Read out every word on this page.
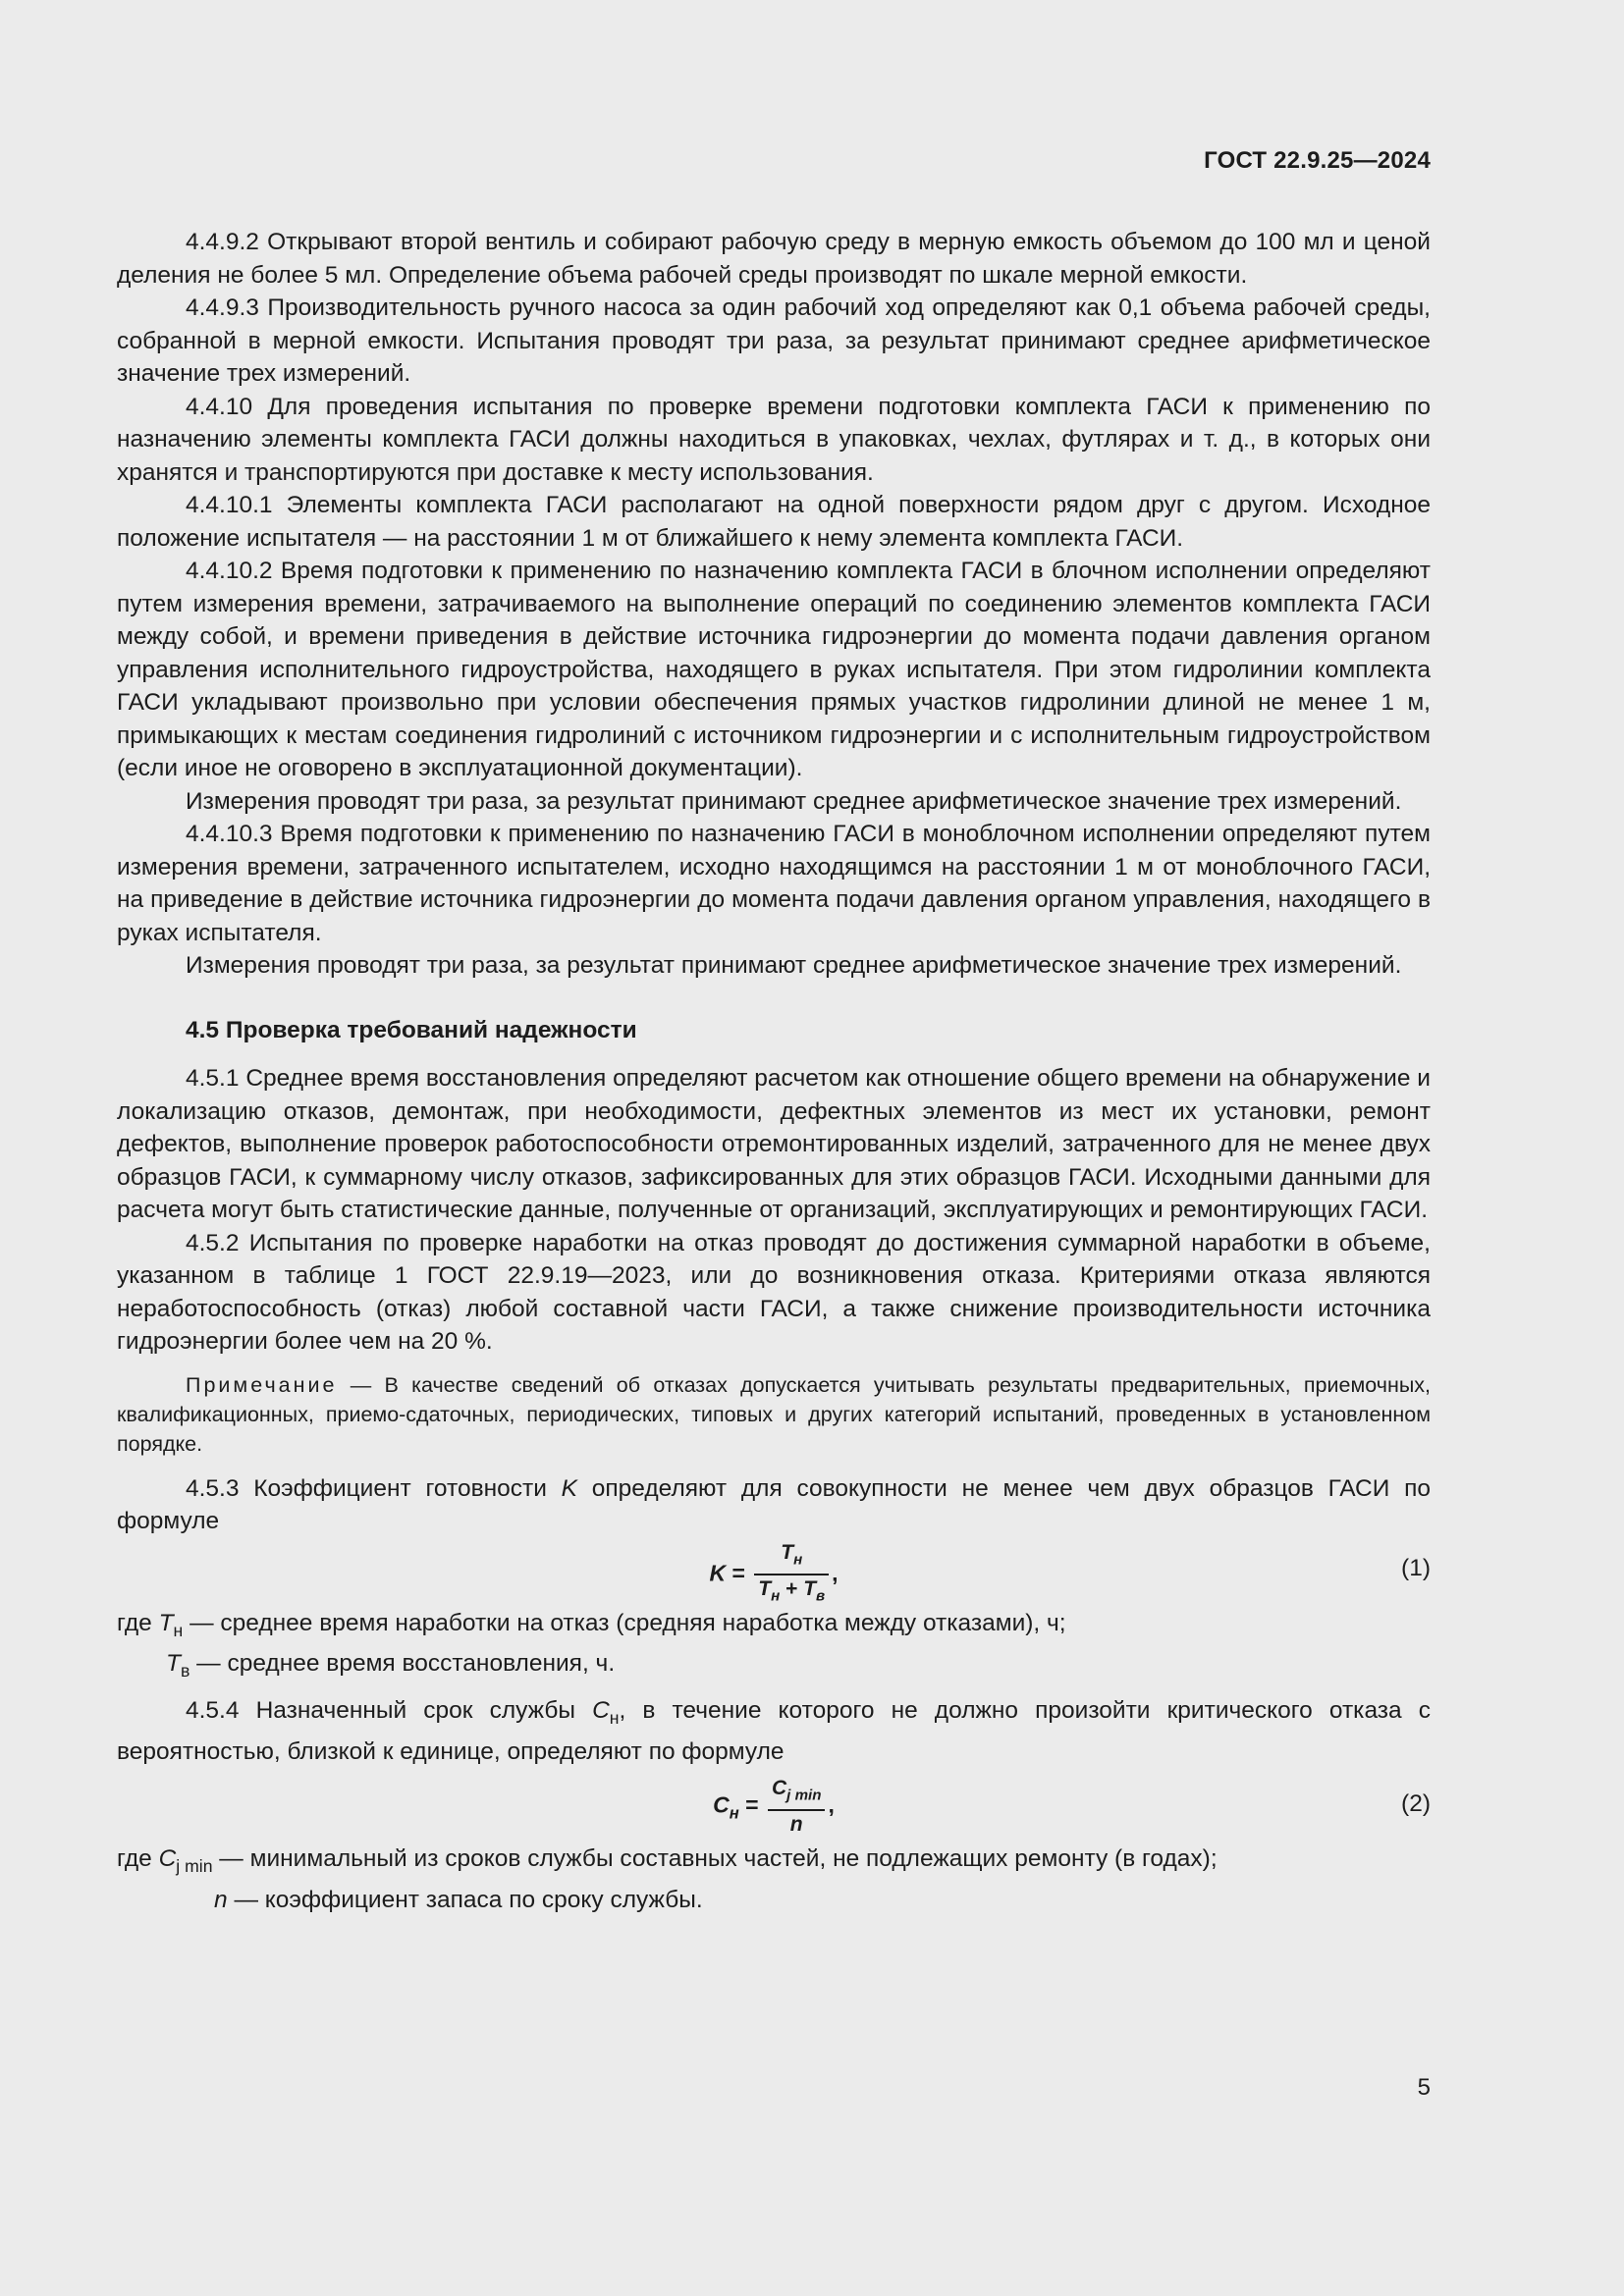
ГОСТ 22.9.25—2024

4.4.9.2 Открывают второй вентиль и собирают рабочую среду в мерную емкость объемом до 100 мл и ценой деления не более 5 мл. Определение объема рабочей среды производят по шкале мерной емкости.

4.4.9.3 Производительность ручного насоса за один рабочий ход определяют как 0,1 объема рабочей среды, собранной в мерной емкости. Испытания проводят три раза, за результат принимают среднее арифметическое значение трех измерений.

4.4.10 Для проведения испытания по проверке времени подготовки комплекта ГАСИ к применению по назначению элементы комплекта ГАСИ должны находиться в упаковках, чехлах, футлярах и т. д., в которых они хранятся и транспортируются при доставке к месту использования.

4.4.10.1 Элементы комплекта ГАСИ располагают на одной поверхности рядом друг с другом. Исходное положение испытателя — на расстоянии 1 м от ближайшего к нему элемента комплекта ГАСИ.

4.4.10.2 Время подготовки к применению по назначению комплекта ГАСИ в блочном исполнении определяют путем измерения времени, затрачиваемого на выполнение операций по соединению элементов комплекта ГАСИ между собой, и времени приведения в действие источника гидроэнергии до момента подачи давления органом управления исполнительного гидроустройства, находящего в руках испытателя. При этом гидролинии комплекта ГАСИ укладывают произвольно при условии обеспечения прямых участков гидролинии длиной не менее 1 м, примыкающих к местам соединения гидролиний с источником гидроэнергии и с исполнительным гидроустройством (если иное не оговорено в эксплуатационной документации).

Измерения проводят три раза, за результат принимают среднее арифметическое значение трех измерений.

4.4.10.3 Время подготовки к применению по назначению ГАСИ в моноблочном исполнении определяют путем измерения времени, затраченного испытателем, исходно находящимся на расстоянии 1 м от моноблочного ГАСИ, на приведение в действие источника гидроэнергии до момента подачи давления органом управления, находящего в руках испытателя.

Измерения проводят три раза, за результат принимают среднее арифметическое значение трех измерений.

4.5 Проверка требований надежности

4.5.1 Среднее время восстановления определяют расчетом как отношение общего времени на обнаружение и локализацию отказов, демонтаж, при необходимости, дефектных элементов из мест их установки, ремонт дефектов, выполнение проверок работоспособности отремонтированных изделий, затраченного для не менее двух образцов ГАСИ, к суммарному числу отказов, зафиксированных для этих образцов ГАСИ. Исходными данными для расчета могут быть статистические данные, полученные от организаций, эксплуатирующих и ремонтирующих ГАСИ.

4.5.2 Испытания по проверке наработки на отказ проводят до достижения суммарной наработки в объеме, указанном в таблице 1 ГОСТ 22.9.19—2023, или до возникновения отказа. Критериями отказа являются неработоспособность (отказ) любой составной части ГАСИ, а также снижение производительности источника гидроэнергии более чем на 20 %.

Примечание — В качестве сведений об отказах допускается учитывать результаты предварительных, приемочных, квалификационных, приемо-сдаточных, периодических, типовых и других категорий испытаний, проведенных в установленном порядке.

4.5.3 Коэффициент готовности K определяют для совокупности не менее чем двух образцов ГАСИ по формуле

$K = \frac{T_н}{T_н + T_в}$ ,	(1)
где $T_н$ — среднее время наработки на отказ (средняя наработка между отказами), ч;
$T_в$ — среднее время восстановления, ч.

4.5.4 Назначенный срок службы $C_н$, в течение которого не должно произойти критического отказа с вероятностью, близкой к единице, определяют по формуле

$C_н = \frac{C_{j min}}{n}$ ,	(2)
где $C_{j min}$ — минимальный из сроков службы составных частей, не подлежащих ремонту (в годах);
n — коэффициент запаса по сроку службы.
5
